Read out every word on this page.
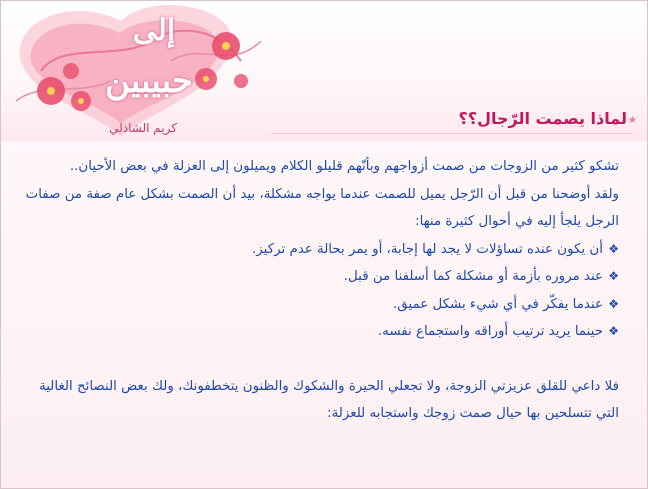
إلى
حبيبين
كريم الشاذلي
★
لماذا يصمت الرّجال؟؟

تشكو كثير من الزوجات من صمت أزواجهم وبأنّهم قليلو الكلام ويميلون إلى العزلة في بعض الأحيان..

ولقد أوضحنا من قبل أن الرّجل يميل للصمت عندما يواجه مشكلة، بيد أن الصمت بشكل عام صفة من صفات الرجل يلجأ إليه في أحوال كثيرة منها:

❖
أن يكون عنده تساؤلات لا يجد لها إجابة، أو يمر بحالة عدم تركيز.

❖
عند مروره بأزمة أو مشكلة كما أسلفنا من قبل.

❖
عندما يفكّر في أي شيء بشكل عميق.

❖
حينما يريد ترتيب أوراقه واستجماع نفسه.

فلا داعي للقلق عزيزتي الزوجة، ولا تجعلي الحيرة والشكوك والظنون يتخطفونك، ولك بعض النصائح الغالية التي تتسلحين بها حيال صمت زوجك واستجابه للعزلة:
